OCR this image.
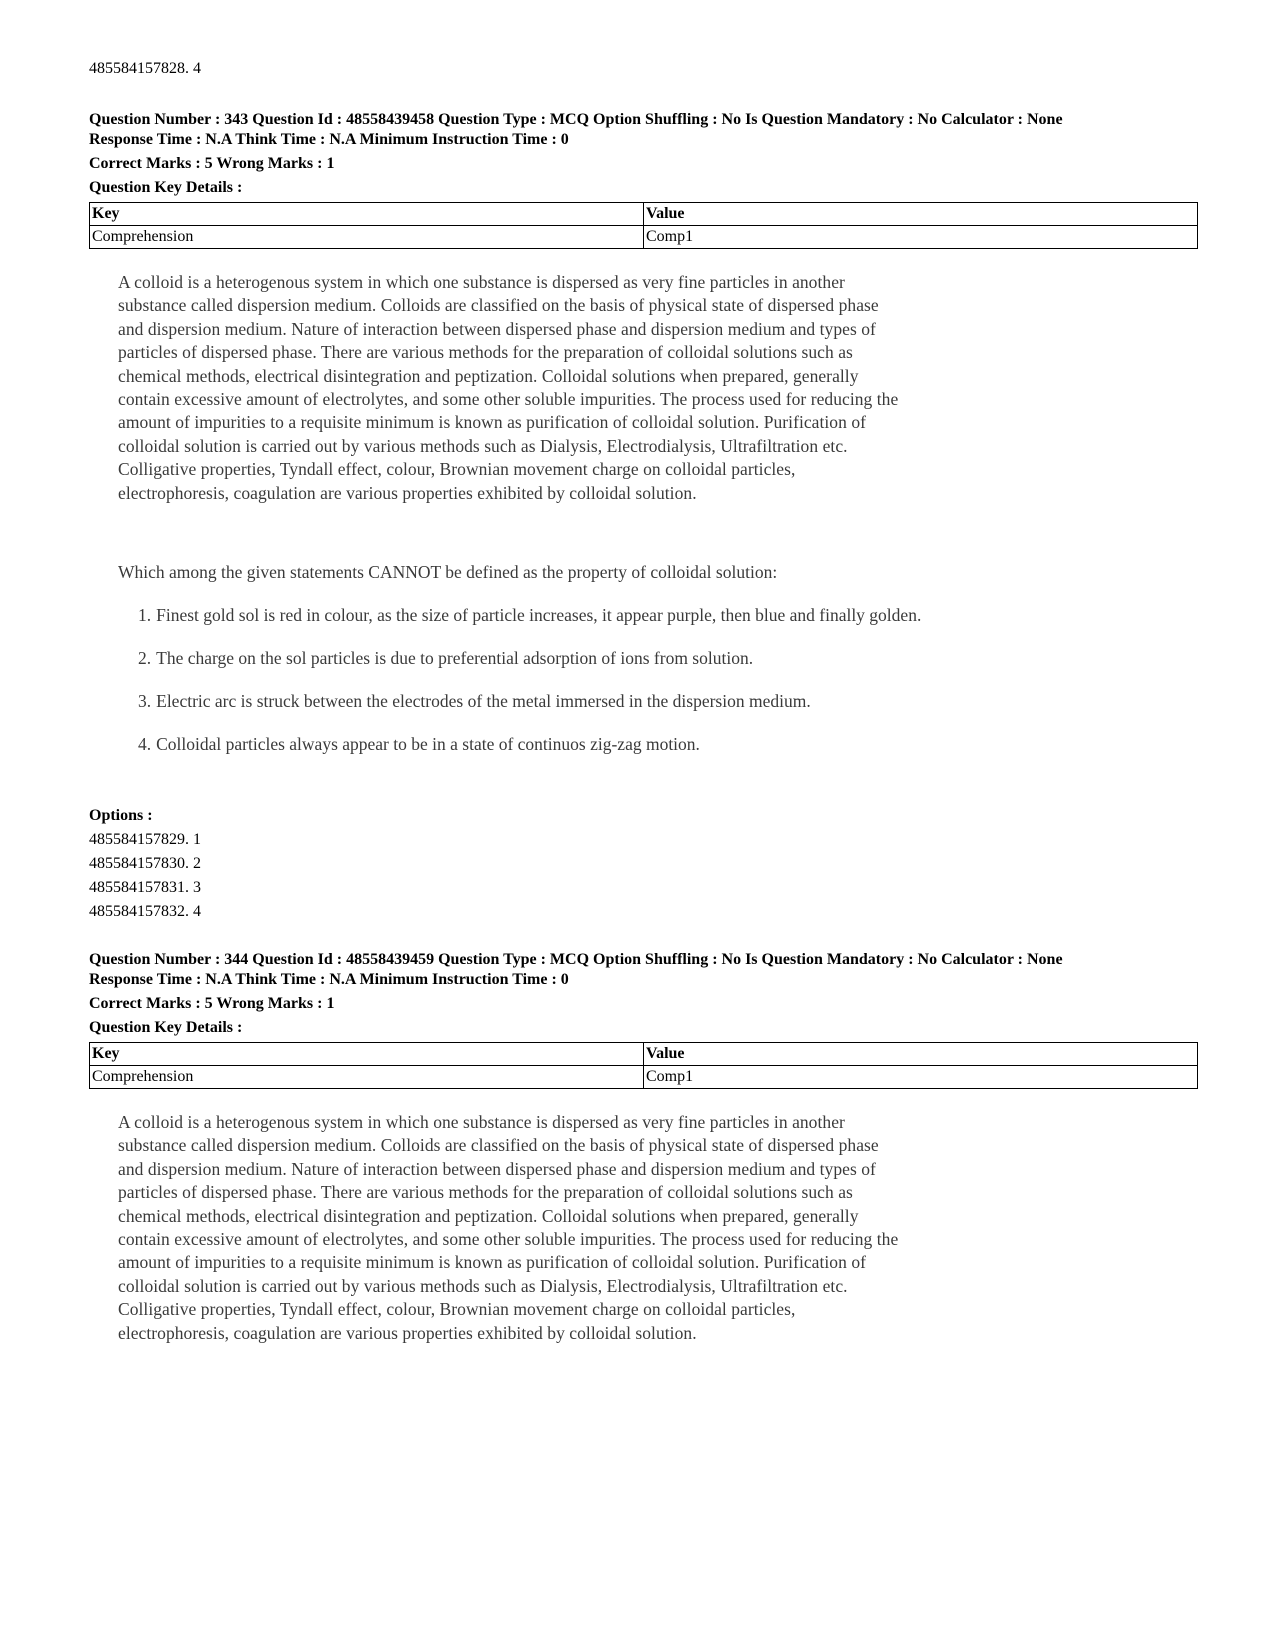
485584157828. 4
Question Number : 343 Question Id : 48558439458 Question Type : MCQ Option Shuffling : No Is Question Mandatory : No Calculator : None
Response Time : N.A Think Time : N.A Minimum Instruction Time : 0
Correct Marks : 5 Wrong Marks : 1
Question Key Details :
Key	Value
Comprehension	Comp1

A colloid is a heterogenous system in which one substance is dispersed as very fine particles in another

substance called dispersion medium. Colloids are classified on the basis of physical state of dispersed phase

and dispersion medium. Nature of interaction between dispersed phase and dispersion medium and types of

particles of dispersed phase. There are various methods for the preparation of colloidal solutions such as

chemical methods, electrical disintegration and peptization. Colloidal solutions when prepared, generally

contain excessive amount of electrolytes, and some other soluble impurities. The process used for reducing the

amount of impurities to a requisite minimum is known as purification of colloidal solution. Purification of

colloidal solution is carried out by various methods such as Dialysis, Electrodialysis, Ultrafiltration etc.

Colligative properties, Tyndall effect, colour, Brownian movement charge on colloidal particles,

electrophoresis, coagulation are various properties exhibited by colloidal solution.

Which among the given statements CANNOT be defined as the property of colloidal solution:
1. Finest gold sol is red in colour, as the size of particle increases, it appear purple, then blue and finally golden.
2. The charge on the sol particles is due to preferential adsorption of ions from solution.
3. Electric arc is struck between the electrodes of the metal immersed in the dispersion medium.
4. Colloidal particles always appear to be in a state of continuos zig-zag motion.
Options :
485584157829. 1
485584157830. 2
485584157831. 3
485584157832. 4
Question Number : 344 Question Id : 48558439459 Question Type : MCQ Option Shuffling : No Is Question Mandatory : No Calculator : None
Response Time : N.A Think Time : N.A Minimum Instruction Time : 0
Correct Marks : 5 Wrong Marks : 1
Question Key Details :
Key	Value
Comprehension	Comp1

A colloid is a heterogenous system in which one substance is dispersed as very fine particles in another

substance called dispersion medium. Colloids are classified on the basis of physical state of dispersed phase

and dispersion medium. Nature of interaction between dispersed phase and dispersion medium and types of

particles of dispersed phase. There are various methods for the preparation of colloidal solutions such as

chemical methods, electrical disintegration and peptization. Colloidal solutions when prepared, generally

contain excessive amount of electrolytes, and some other soluble impurities. The process used for reducing the

amount of impurities to a requisite minimum is known as purification of colloidal solution. Purification of

colloidal solution is carried out by various methods such as Dialysis, Electrodialysis, Ultrafiltration etc.

Colligative properties, Tyndall effect, colour, Brownian movement charge on colloidal particles,

electrophoresis, coagulation are various properties exhibited by colloidal solution.
